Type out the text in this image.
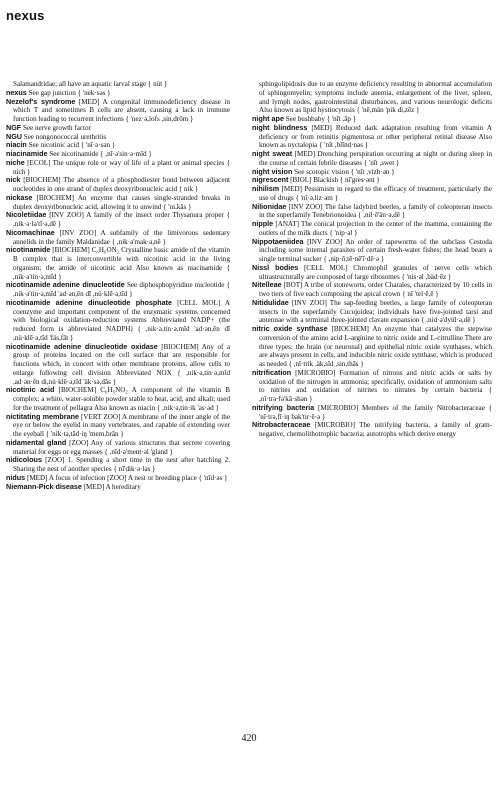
nexus

Salamandridae; all have an aquatic larval stage { nüt }

nexus See gap junction { 'nek·səs }

Nezelof's syndrome [MED] A congenital immunodeficiency disease in which T and sometimes B cells are absent, causing a lack in immune function leading to recurrent infections { 'nez·ə,lofs ,sin,drōm }

NGF See nerve growth factor

NGU See nongonococcal urethritis

niacin See nicotinic acid { 'nī·ə·sən }

niacinamide See nicotinamide { ,nī·ə'sin·ə·mīd }

niche [ECOL] The unique role or way of life of a plant or animal species { nich }

nick [BIOCHEM] The absence of a phosphodiester bond between adjacent nucleotides in one strand of duplex deoxyribonucleic acid { nik }

nickase [BIOCHEM] An enzyme that causes single-stranded breaks in duplex deoxyribonucleic acid, allowing it to unwind { 'ni,kās }

Nicoletiidae [INV ZOO] A family of the insect order Thysanura proper { ,nik·ə·lə'tī·ə,dē }

Nicomachinae [INV ZOO] A subfamily of the limivorous sedentary annelids in the family Maldanidae { ,nik·ə'mak·ə,nē }

nicotinamide [BIOCHEM] C₆H₆ON₂ Crystalline basic amide of the vitamin B complex that is interconvertible with nicotinic acid in the living organism; the amide of nicotinic acid Also known as niacinamide { ,nik·ə'tin·ə,mīd }

nicotinamide adenine dinucleotide See diphosphopyridine nucleotide { ,nik·ə'tin·ə,mīd 'ad·ən,ēn dī ,nü·klē·ə,tīd }

nicotinamide adenine dinucleotide phosphate [CELL MOL] A coenzyme and important component of the enzymatic systems concerned with biological oxidation-reduction systems Abbreviated NADP+ (the reduced form is abbreviated NADPH) { ,nik·ə,tin·ə,mīd 'ad·ən,ēn dī ,nü·klē·ə,tīd 'fäs,fāt }

nicotinamide adenine dinucleotide oxidase [BIOCHEM] Any of a group of proteins located on the cell surface that are responsible for functions which, in concert with other membrane proteins, allow cells to enlarge following cell division Abbreviated NOX { ,nik·ə,tin·ə,mīd ,ad·ən·ēn di,nü·klē·ə,tīd 'äk·sə,dās }

nicotinic acid [BIOCHEM] C₆H₅NO₂ A component of the vitamin B complex; a white, water-soluble powder stable to heat, acid, and alkali; used for the treatment of pellagra Also known as niacin { ,nik·ə,tin·ik 'as·əd }

nictitating membrane [VERT ZOO] A membrane of the inner angle of the eye or below the eyelid in many vertebrates, and capable of extending over the eyeball { 'nik·tə,tād·iŋ 'mem,brān }

nidamental gland [ZOO] Any of various structures that secrete covering material for eggs or egg masses { ,nīd·ə'ment·əl 'gland }

nidicolous [ZOO] 1. Spending a short time in the nest after hatching 2. Sharing the nest of another species { nī'dik·ə·ləs }

nidus [MED] A focus of infection [ZOO] A nest or breeding place { 'nīd·əs }

Niemann-Pick disease [MED] A hereditary

sphingolipidosis due to an enzyme deficiency resulting in abnormal accumulation of sphingomyelin; symptoms include anemia, enlargement of the liver, spleen, and lymph nodes, gastrointestinal disturbances, and various neurologic deficits Also known as lipid hystiocytosis { 'nē,män 'pik di,zēz }

night ape See bushbaby { 'nīt ,āp }

night blindness [MED] Reduced dark adaptation resulting from vitamin A deficiency or from retinitis pigmentosa or other peripheral retinal disease Also known as nyctalopia { 'nīt ,blīnd·nəs }

night sweat [MED] Drenching perspiration occurring at night or during sleep in the course of certain febrile diseases { 'nīt ,swet }

night vision See scotopic vision { 'nīt ,vizh·ən }

nigrescent [BIOL] Blackish { nī'gres·ənt }

nihilism [MED] Pessimism in regard to the efficacy of treatment, particularly the use of drugs { 'nī·ə,liz·əm }

Nilionidae [INV ZOO] The false ladybird beetles, a family of coleopteran insects in the superfamily Tenebrionoidea { ,nil·ē'än·ə,dē }

nipple [ANAT] The conical projection in the center of the mamma, containing the outlets of the milk ducts { 'nip·əl }

Nippotaeniidea [INV ZOO] An order of tapeworms of the subclass Cestoda including some internal parasites of certain fresh-water fishes; the head bears a single terminal sucker { ,nip·ō,tē·nē'ī·dē·ə }

Nissl bodies [CELL MOL] Chromophil granules of nerve cells which ultrastructurally are composed of large ribosomes { 'nis·əl ,bäd·ēz }

Nitelleae [BOT] A tribe of stoneworts, order Charales, characterized by 10 cells in two tiers of five each composing the apical crown { nī 'tel·ē,ē }

Nitidulidae [INV ZOO] The sap-feeding beetles, a large family of coleopteran insects in the superfamily Cucujoidea; individuals have five-jointed tarsi and antennae with a terminal three-jointed clavate expansion { ,nid·ə'dyül·ə,dē }

nitric oxide synthase [BIOCHEM] An enzyme that catalyzes the stepwise conversion of the amino acid L-arginine to nitric oxide and L-citrulline There are three types: the brain (or neuronal) and epithelial nitric oxide synthases, which are always present in cells, and inducible nitric oxide synthase, which is produced as needed { ,nī·trik ,äk,sīd ,sin,thās }

nitrification [MICROBIO] Formation of nitrous and nitric acids or salts by oxidation of the nitrogen in ammonia; specifically, oxidation of ammonium salts to nitrites and oxidation of nitrites to nitrates by certain bacteria { ,nī·trə·fə'kā·shən }

nitrifying bacteria [MICROBIO] Members of the family Nitrobacteraceae { 'nī·trə,fī·iŋ bak'tir·ē·ə }

Nitrobacteraceae [MICROBIO] The nitrifying bacteria, a family of gram-negative, chemolithotrophic bacteria; autotrophs which derive energy

420
